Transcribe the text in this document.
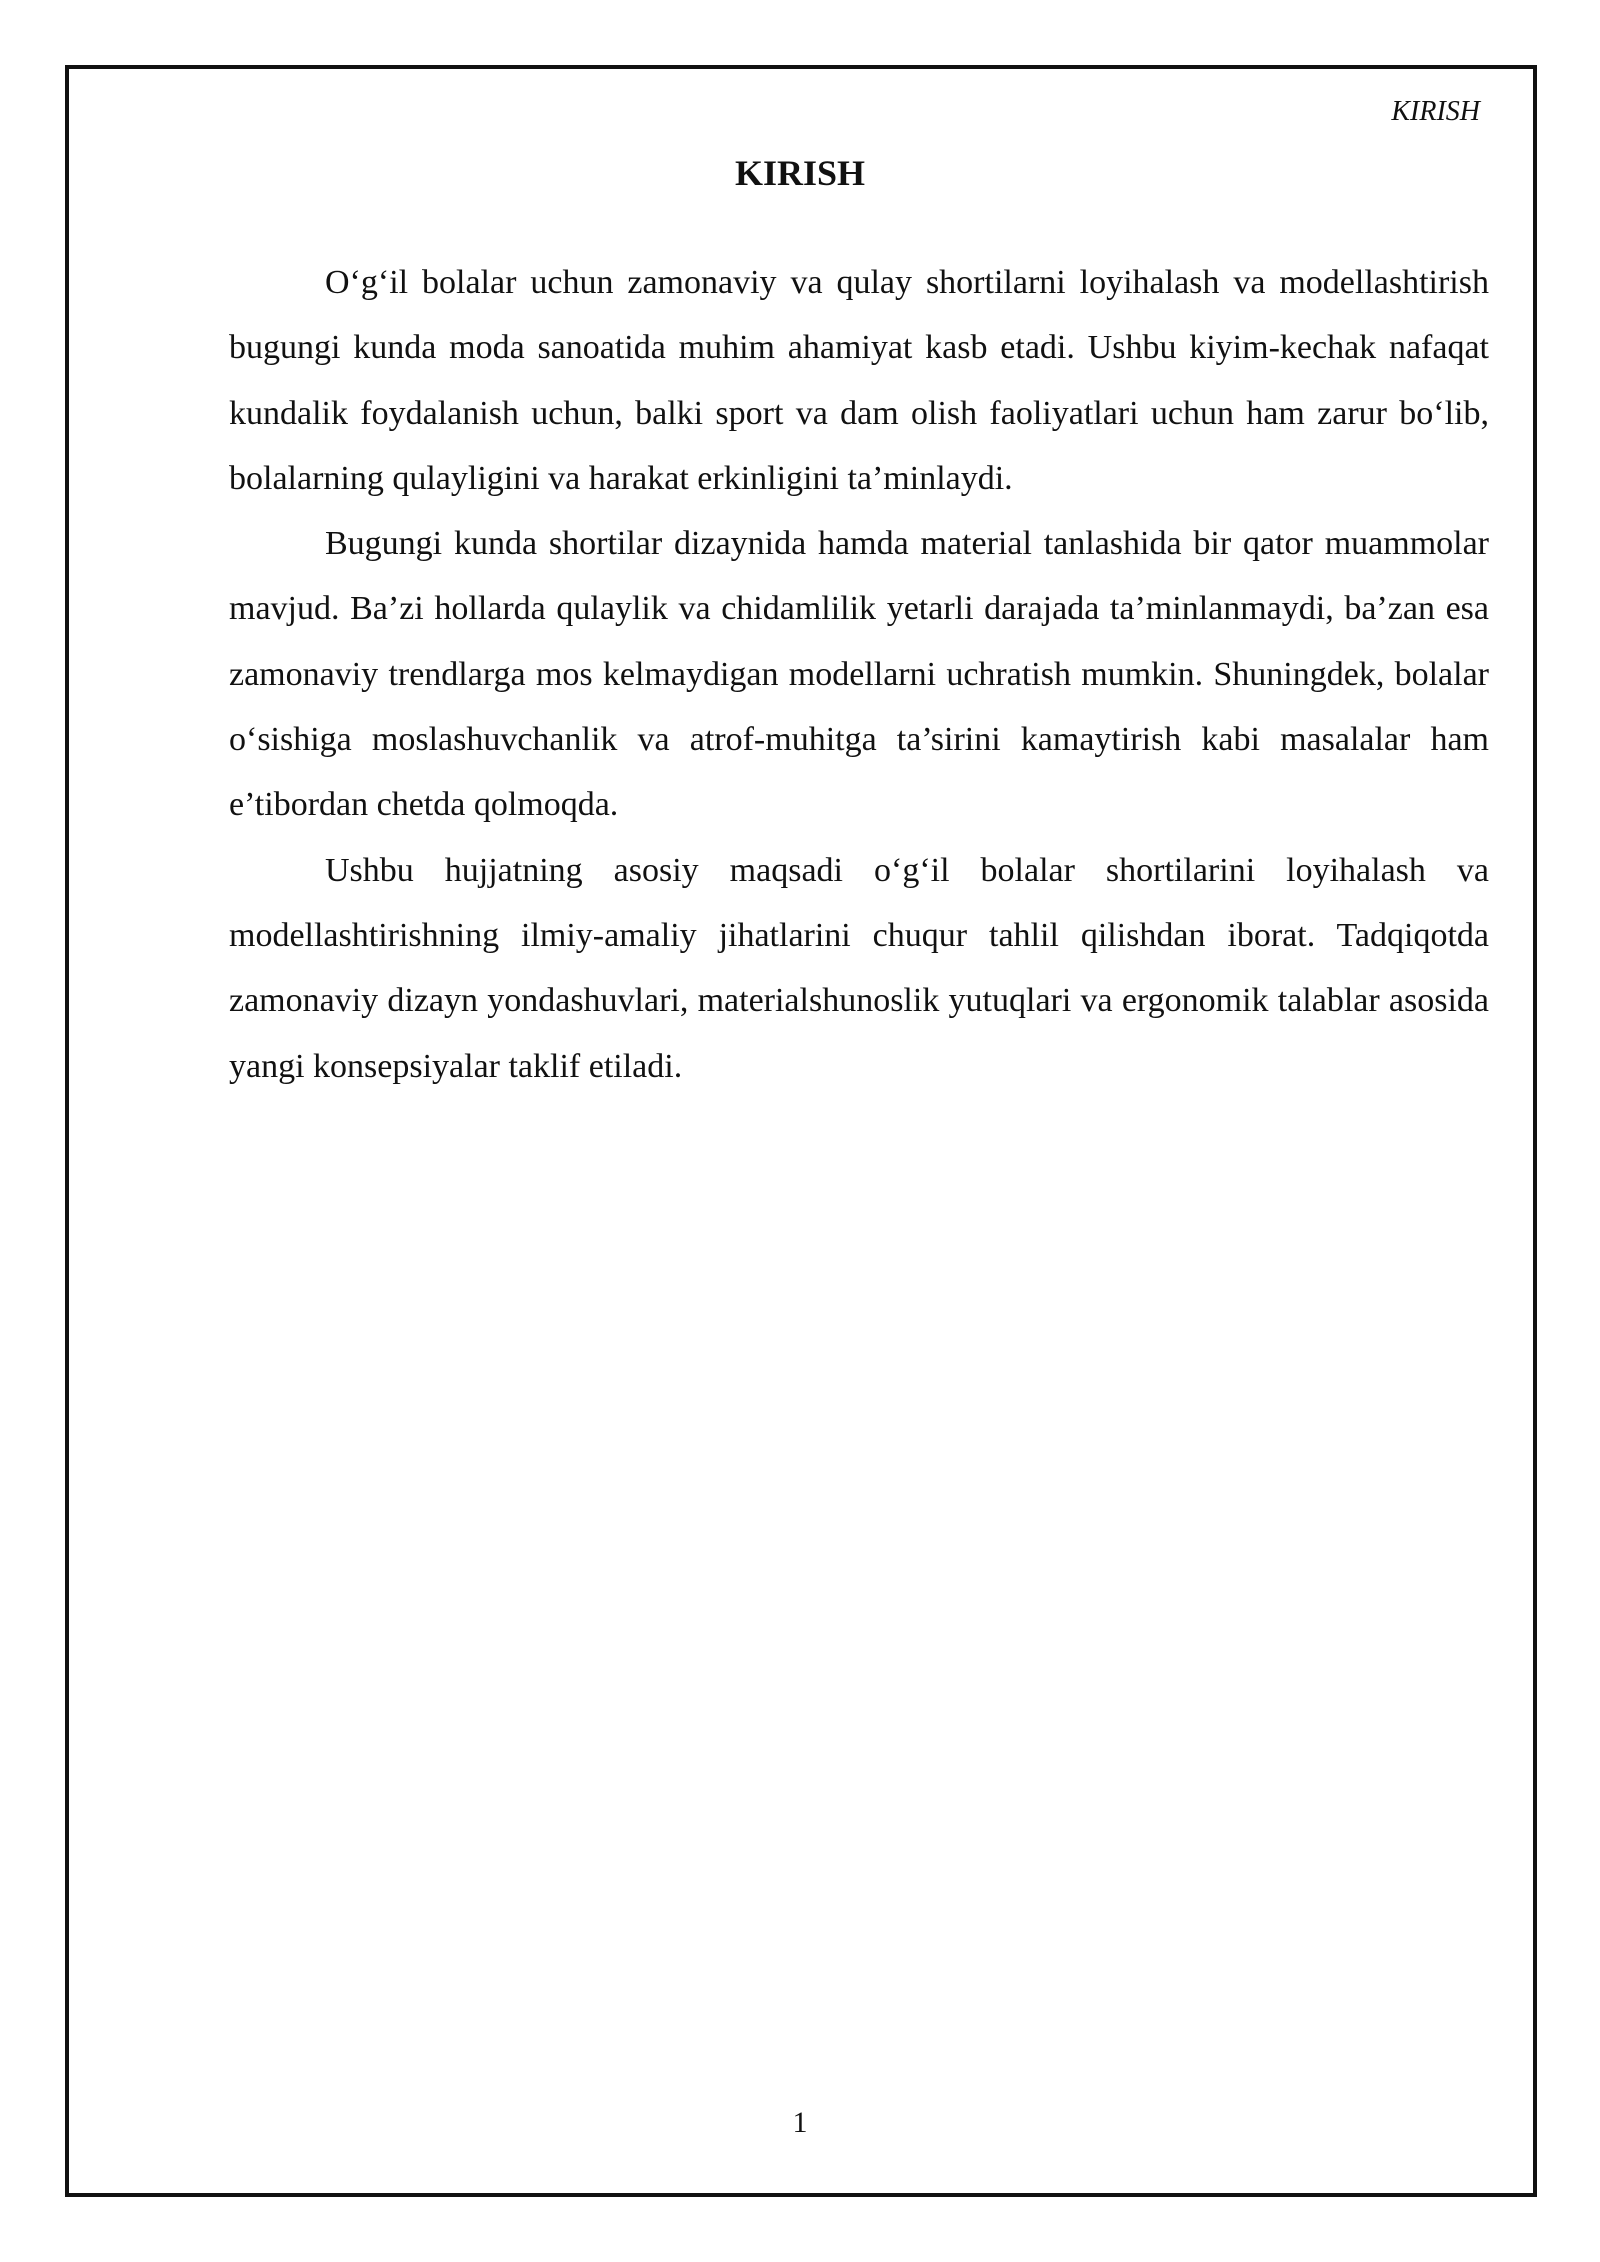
KIRISH
KIRISH

O‘g‘il bolalar uchun zamonaviy va qulay shortilarni loyihalash va modellashtirish bugungi kunda moda sanoatida muhim ahamiyat kasb etadi. Ushbu kiyim-kechak nafaqat kundalik foydalanish uchun, balki sport va dam olish faoliyatlari uchun ham zarur bo‘lib, bolalarning qulayligini va harakat erkinligini ta’minlaydi.

Bugungi kunda shortilar dizaynida hamda material tanlashida bir qator muammolar mavjud. Ba’zi hollarda qulaylik va chidamlilik yetarli darajada ta’minlanmaydi, ba’zan esa zamonaviy trendlarga mos kelmaydigan modellarni uchratish mumkin. Shuningdek, bolalar o‘sishiga moslashuvchanlik va atrof-muhitga ta’sirini kamaytirish kabi masalalar ham e’tibordan chetda qolmoqda.

Ushbu hujjatning asosiy maqsadi o‘g‘il bolalar shortilarini loyihalash va modellashtirishning ilmiy-amaliy jihatlarini chuqur tahlil qilishdan iborat. Tadqiqotda zamonaviy dizayn yondashuvlari, materialshunoslik yutuqlari va ergonomik talablar asosida yangi konsepsiyalar taklif etiladi.

1
